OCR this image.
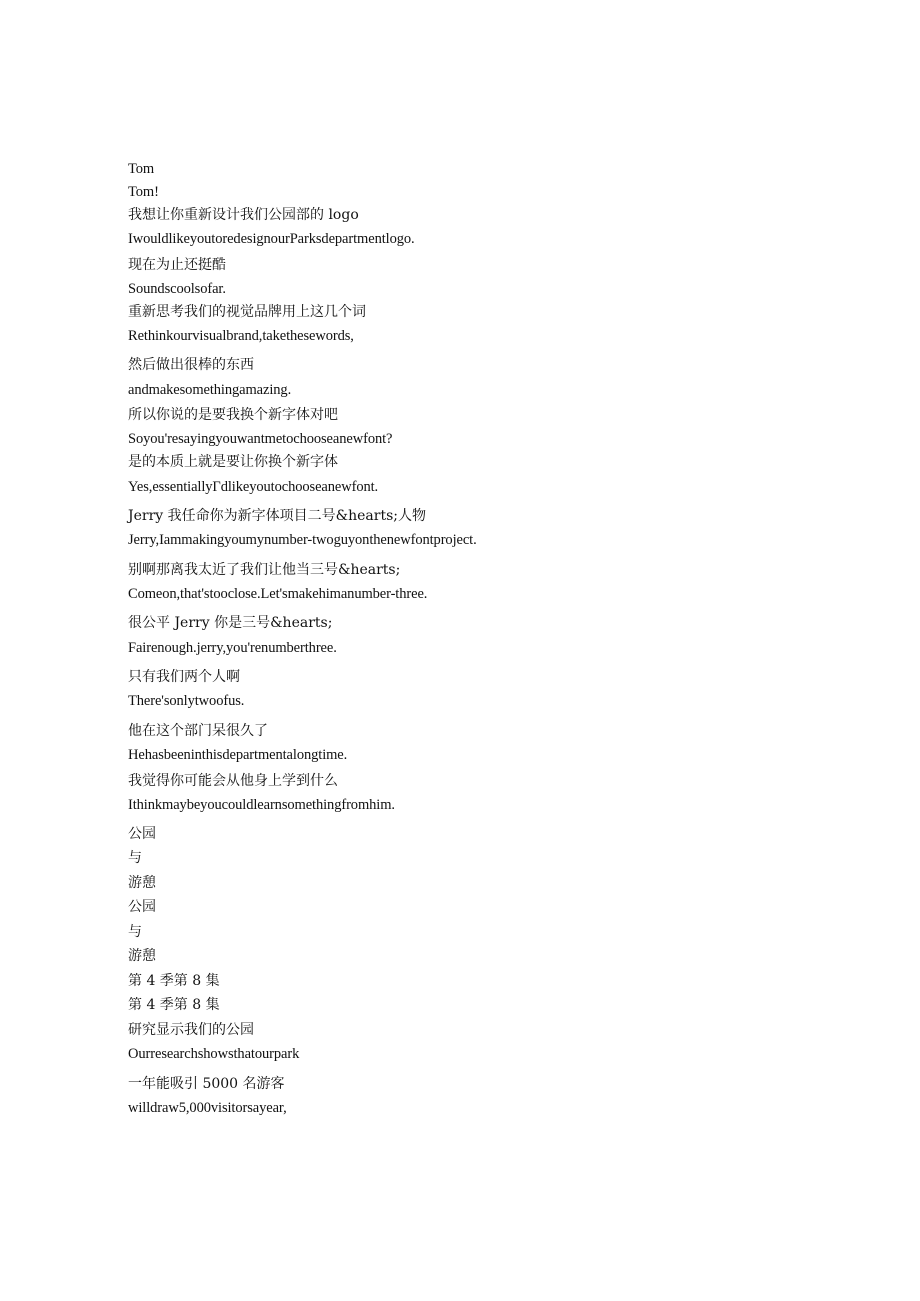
Tom
Tom!
我想让你重新设计我们公园部的 logo
IwouldlikeyoutoredesignourParksdepartmentlogo.
现在为止还挺酷
Soundscoolsofar.
重新思考我们的视觉品牌用上这几个词
Rethinkourvisualbrand,takethesewords,
然后做出很棒的东西
andmakesomethingamazing.
所以你说的是要我换个新字体对吧
Soyou'resayingyouwantmetochooseanewfont?
是的本质上就是要让你换个新字体
Yes,essentiallyΓdlikeyoutochooseanewfont.
Jerry 我任命你为新字体项目二号&hearts;人物
Jerry,Iammakingyoumynumber-twoguyonthenewfontproject.
别啊那离我太近了我们让他当三号&hearts;
Comeon,that'stooclose.Let'smakehimanumber-three.
很公平 Jerry 你是三号&hearts;
Fairenough.jerry,you'renumberthree.
只有我们两个人啊
There'sonlytwoofus.
他在这个部门呆很久了
Hehasbeeninthisdepartmentalongtime.
我觉得你可能会从他身上学到什么
Ithinkmaybeyoucouldlearnsomethingfromhim.
公园
与
游憩
公园
与
游憩
第 4 季第 8 集
第 4 季第 8 集
研究显示我们的公园
Ourresearchshowsthatourpark
一年能吸引 5000 名游客
willdraw5,000visitorsayear,
